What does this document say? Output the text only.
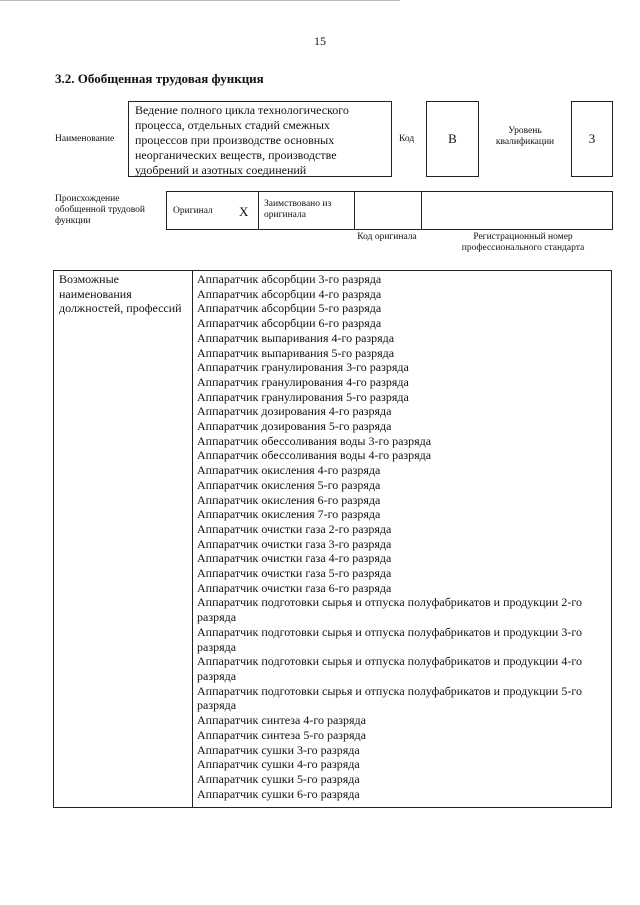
15
3.2. Обобщенная трудовая функция
Наименование
Ведение полного цикла технологического процесса, отдельных стадий смежных процессов при производстве основных неорганических веществ, производстве удобрений и азотных соединений
Код	B	Уровень квалификации	3
Происхождение обобщенной трудовой функции
Оригинал X Заимствовано из оригинала
Код оригинала	Регистрационный номер профессионального стандарта
Возможные наименования должностей, профессий
Аппаратчик абсорбции 3-го разряда
Аппаратчик абсорбции 4-го разряда
Аппаратчик абсорбции 5-го разряда
Аппаратчик абсорбции 6-го разряда
Аппаратчик выпаривания 4-го разряда
Аппаратчик выпаривания 5-го разряда
Аппаратчик гранулирования 3-го разряда
Аппаратчик гранулирования 4-го разряда
Аппаратчик гранулирования 5-го разряда
Аппаратчик дозирования 4-го разряда
Аппаратчик дозирования 5-го разряда
Аппаратчик обессоливания воды 3-го разряда
Аппаратчик обессоливания воды 4-го разряда
Аппаратчик окисления 4-го разряда
Аппаратчик окисления 5-го разряда
Аппаратчик окисления 6-го разряда
Аппаратчик окисления 7-го разряда
Аппаратчик очистки газа 2-го разряда
Аппаратчик очистки газа 3-го разряда
Аппаратчик очистки газа 4-го разряда
Аппаратчик очистки газа 5-го разряда
Аппаратчик очистки газа 6-го разряда
Аппаратчик подготовки сырья и отпуска полуфабрикатов и продукции 2-го разряда
Аппаратчик подготовки сырья и отпуска полуфабрикатов и продукции 3-го разряда
Аппаратчик подготовки сырья и отпуска полуфабрикатов и продукции 4-го разряда
Аппаратчик подготовки сырья и отпуска полуфабрикатов и продукции 5-го разряда
Аппаратчик синтеза 4-го разряда
Аппаратчик синтеза 5-го разряда
Аппаратчик сушки 3-го разряда
Аппаратчик сушки 4-го разряда
Аппаратчик сушки 5-го разряда
Аппаратчик сушки 6-го разряда
